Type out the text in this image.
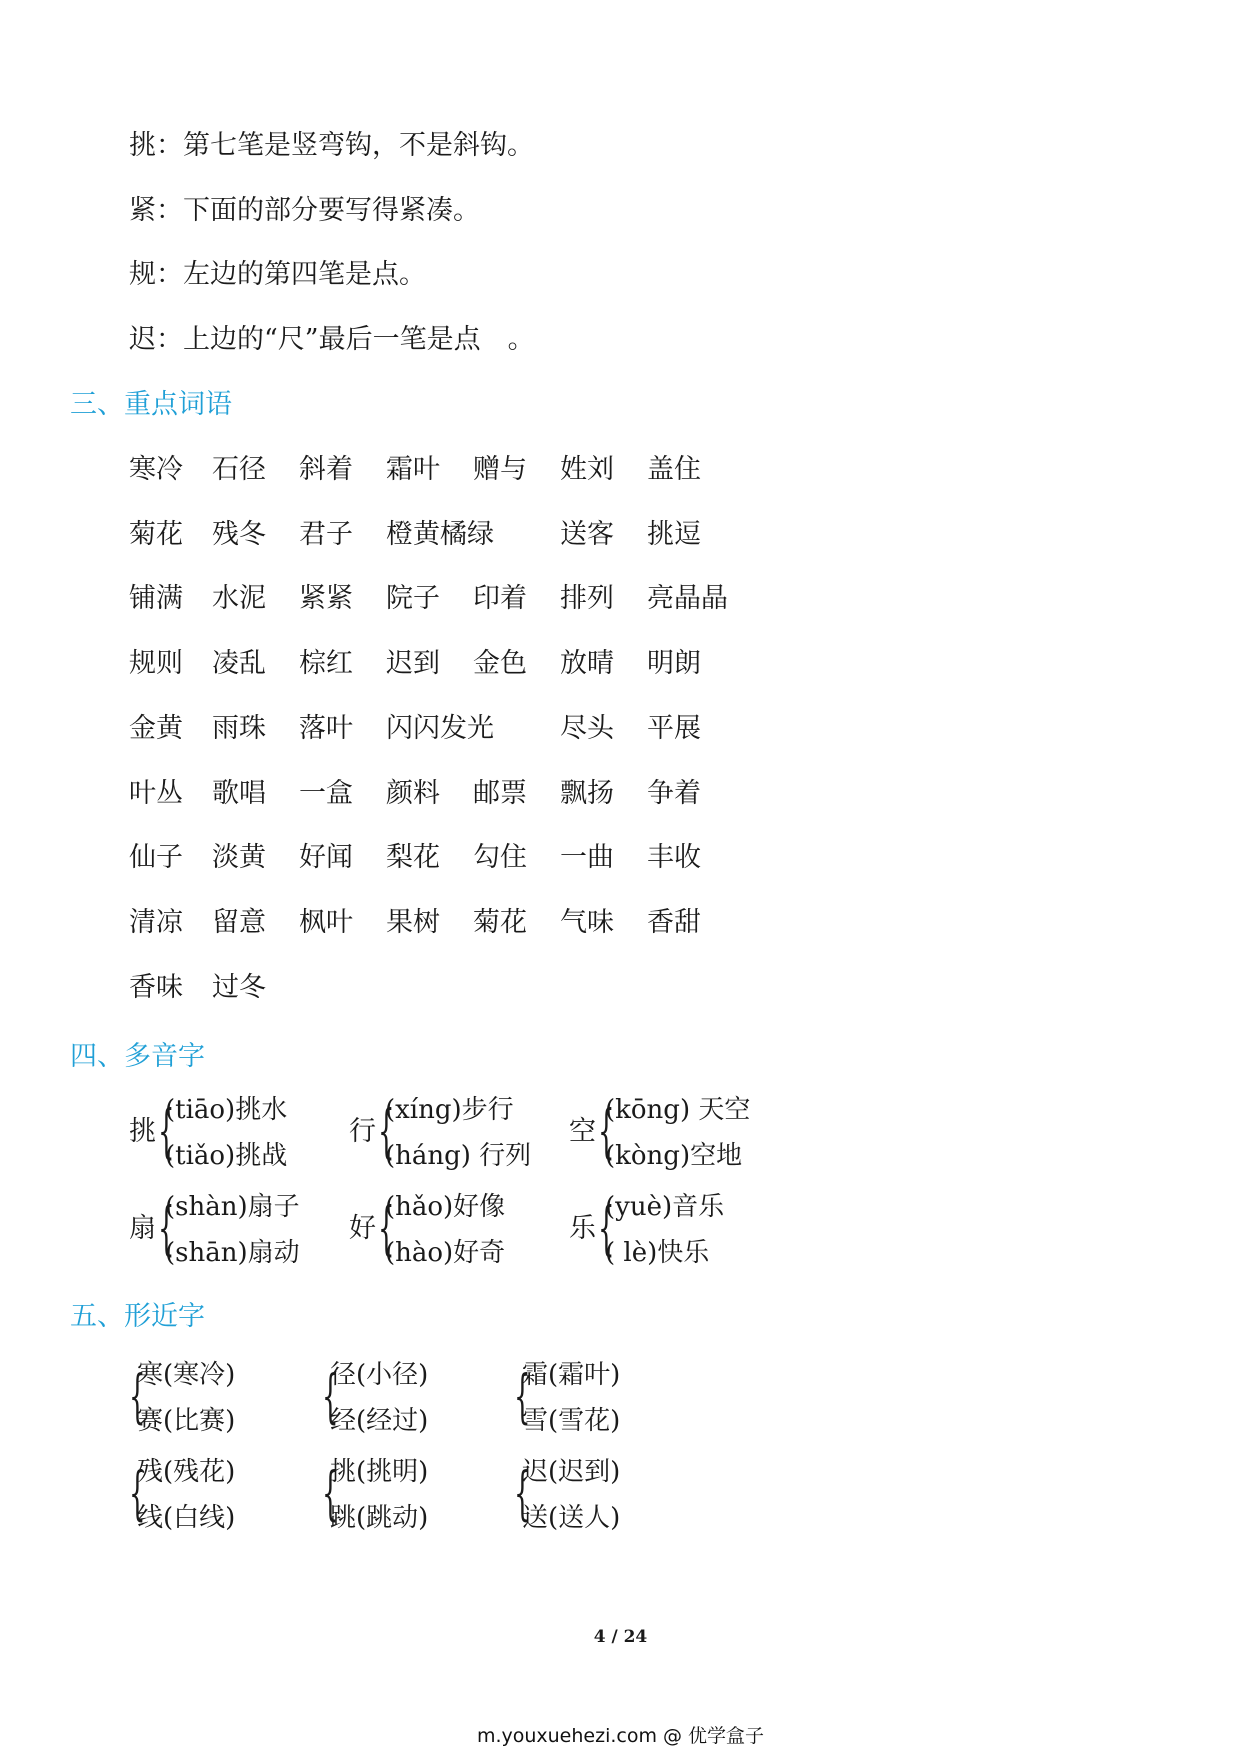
挑：第七笔是竖弯钩，不是斜钩。
紧：下面的部分要写得紧凑。
规：左边的第四笔是点。
迟：上边的“尺”最后一笔是点　。
三、重点词语
寒冷 石径 斜着 霜叶 赠与 姓刘 盖住
菊花 残冬 君子 橙黄橘绿 送客 挑逗
铺满 水泥 紧紧 院子 印着 排列 亮晶晶
规则 凌乱 棕红 迟到 金色 放晴 明朗
金黄 雨珠 落叶 闪闪发光 尽头 平展
叶丛 歌唱 一盒 颜料 邮票 飘扬 争着
仙子 淡黄 好闻 梨花 勾住 一曲 丰收
清凉 留意 枫叶 果树 菊花 气味 香甜
香味 过冬
四、多音字
挑 {
(tiāo)挑水
(tiǎo)挑战
行 {
(xíng)步行
(háng) 行列
空 {
(kōng) 天空
(kòng)空地
扇 {
(shàn)扇子
(shān)扇动
好 {
(hǎo)好像
(hào)好奇
乐 {
(yuè)音乐
( lè)快乐
五、形近字
{
寒(寒冷)
赛(比赛) {
径(小径)
经(经过) {
霜(霜叶)
雪(雪花)
{
残(残花)
线(白线) {
挑(挑明)
跳(跳动) {
迟(迟到)
送(送人)
4 / 24
m.youxuehezi.com @ 优学盒子
